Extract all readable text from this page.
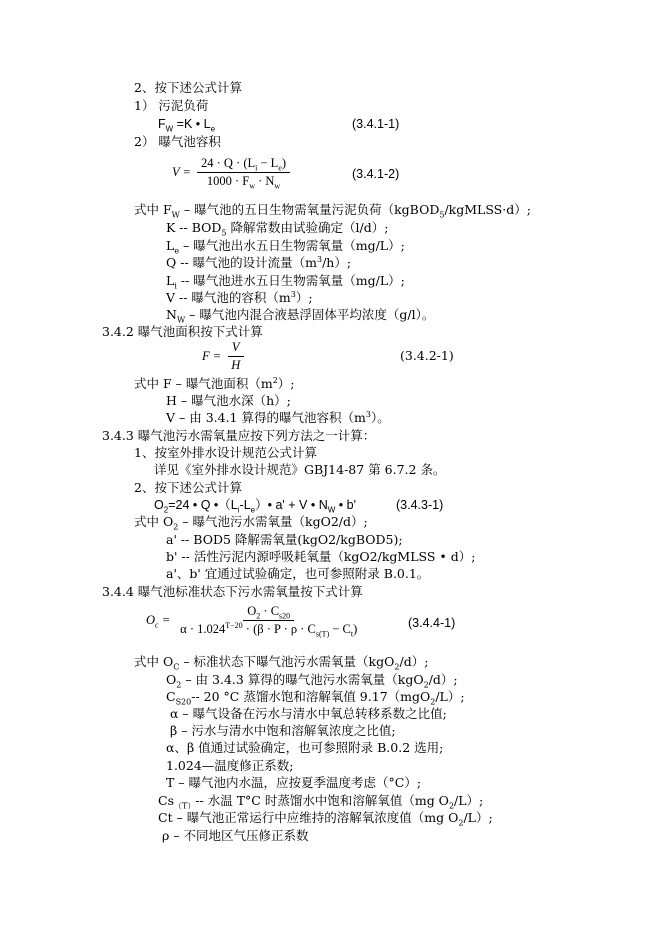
2、按下述公式计算
1） 污泥负荷
$F_W =K$ • $L_e$	(3.4.1-1)
2） 曝气池容积
$V = \frac{24 \cdot Q \cdot (L_i - L_e)}{1000 \cdot F_w \cdot N_w}$	(3.4.1-2)
式中 $F_W$ – 曝气池的五日生物需氧量污泥负荷（kgBOD$_5$/kgMLSS·d）;
K -- $BOD_5$ 降解常数由试验确定（l/d）;
$L_e$ – 曝气池出水五日生物需氧量（mg/L）;
Q -- 曝气池的设计流量$(m^3/h)$;
$L_i$ -- 曝气池进水五日生物需氧量（mg/L）;
V -- 曝气池的容积$(m^3)$;
$N_W$ – 曝气池内混合液悬浮固体平均浓度（g/l）。
3.4.2 曝气池面积按下式计算
$F = \frac{V}{H}$	(3.4.2-1)
式中 F – 曝气池面积$(m^2)$;
H – 曝气池水深（h）;
V – 由 3.4.1 算得的曝气池容积$(m^3)$。
3.4.3 曝气池污水需氧量应按下列方法之一计算：
1、按室外排水设计规范公式计算
详见《室外排水设计规范》GBJ14-87 第 6.7.2 条。
2、按下述公式计算
$O_2=24$ • Q $•(L_i-L_e)•$ a' + V • $N_W$ • b'	(3.4.3-1)
式中 $O_2$ – 曝气池污水需氧量（kgO2/d）;
a' -- BOD5 降解需氧量(kgO2/kgBOD5);
b' -- 活性污泥内源呼吸耗氧量（kgO2/kgMLSS • d）;
a'、b' 宜通过试验确定，也可参照附录 B.0.1。
3.4.4 曝气池标准状态下污水需氧量按下式计算
$O_c = \frac{O_2 \cdot C_{s20}}{\alpha \cdot 1.024^{T-20} \cdot (\beta \cdot P \cdot \rho \cdot C_{s(T)} - C_t)}$	(3.4.4-1)
式中 $O_C$ – 标准状态下曝气池污水需氧量（kgO$_2$/d）;
$O_2$ – 由 3.4.3 算得的曝气池污水需氧量（kgO$_2$/d）;
$C_{S20}--$ 20 °C 蒸馏水饱和溶解氧值 9.17（mgO$_2$/L）;
α – 曝气设备在污水与清水中氧总转移系数之比值;
β – 污水与清水中饱和溶解氧浓度之比值;
α、β 值通过试验确定，也可参照附录 B.0.2 选用;
1.024—温度修正系数;
T – 曝气池内水温，应按夏季温度考虑（°C）;
$Cs_{(T)}--$ 水温 T°C 时蒸馏水中饱和溶解氧值（mg $O_2/L$）;
Ct – 曝气池正常运行中应维持的溶解氧浓度值（mg $O_2/L$）;
ρ – 不同地区气压修正系数
